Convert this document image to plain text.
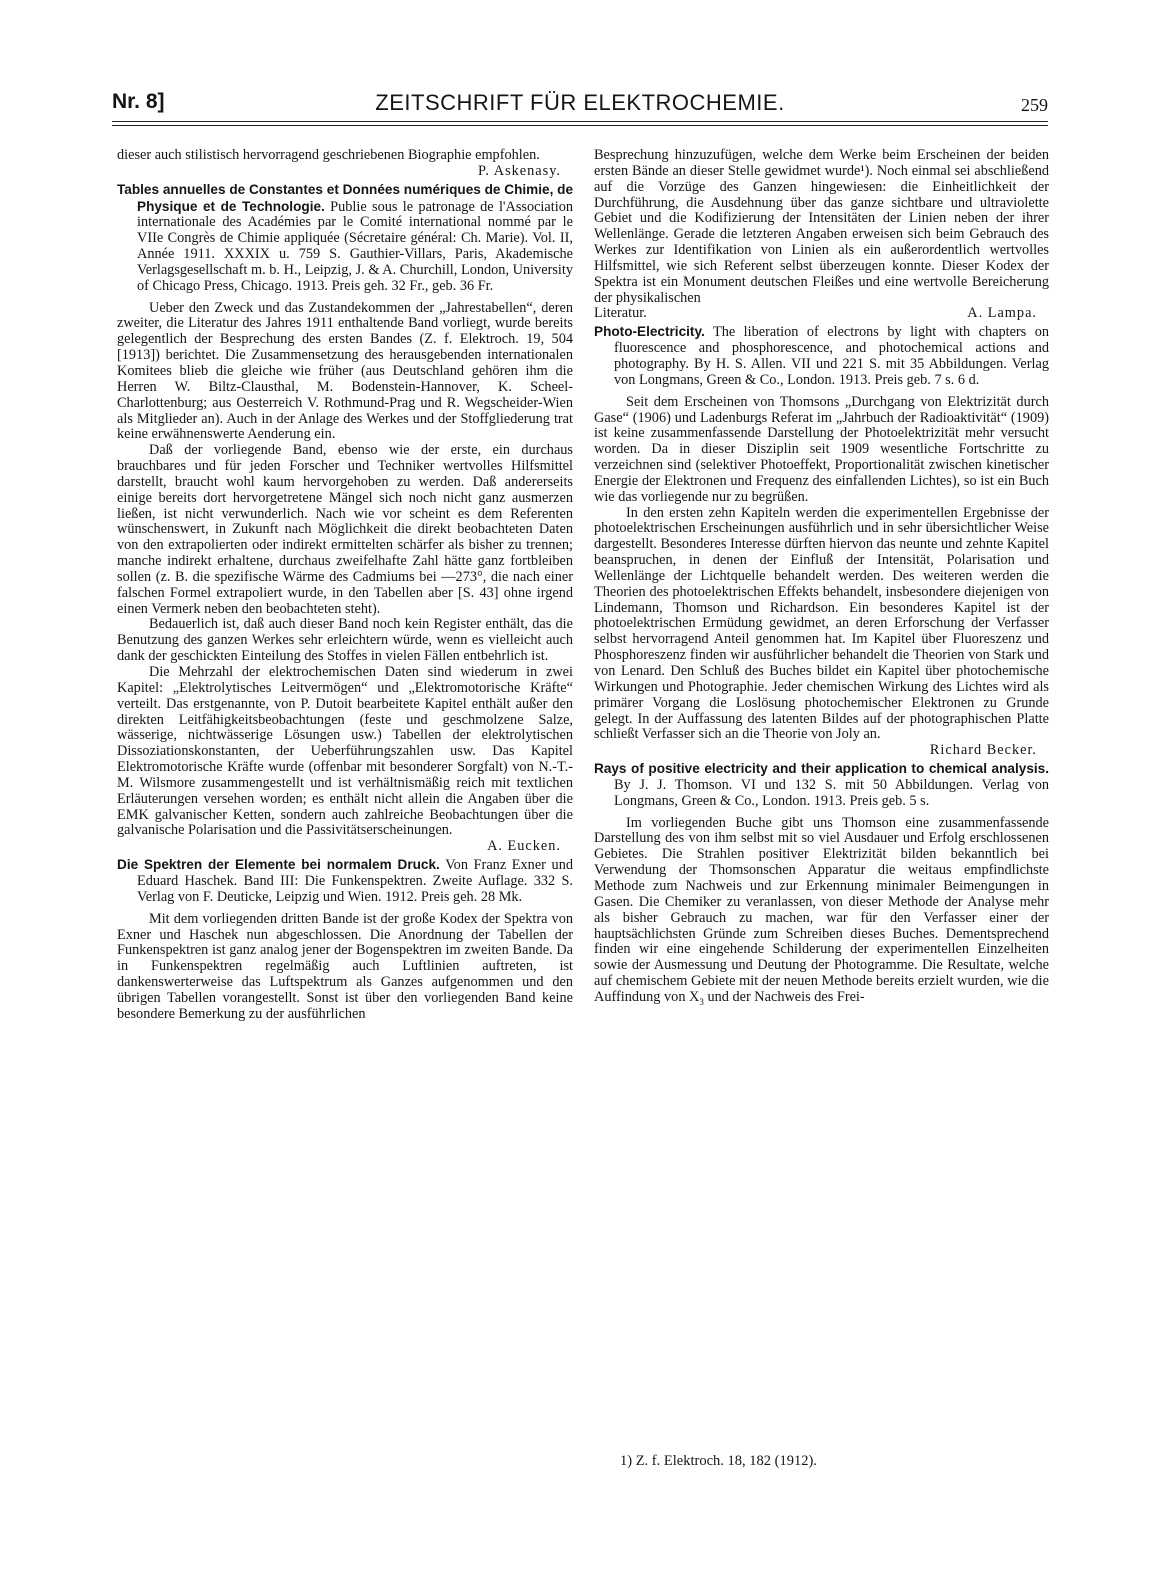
Nr. 8]	ZEITSCHRIFT FÜR ELEKTROCHEMIE.	259

dieser auch stilistisch hervorragend geschriebenen Biographie empfohlen.

P. Askenasy.

Tables annuelles de Constantes et Données numériques de Chimie, de Physique et de Technologie. Publie sous le patronage de l'Association internationale des Académies par le Comité international nommé par le VIIe Congrès de Chimie appliquée (Sécretaire général: Ch. Marie). Vol. II, Année 1911. XXXIX u. 759 S. Gauthier-Villars, Paris, Akademische Verlagsgesellschaft m. b. H., Leipzig, J. & A. Churchill, London, University of Chicago Press, Chicago. 1913. Preis geh. 32 Fr., geb. 36 Fr.

Ueber den Zweck und das Zustandekommen der „Jahrestabellen“, deren zweiter, die Literatur des Jahres 1911 enthaltende Band vorliegt, wurde bereits gelegentlich der Besprechung des ersten Bandes (Z. f. Elektroch. 19, 504 [1913]) berichtet. Die Zusammensetzung des herausgebenden internationalen Komitees blieb die gleiche wie früher (aus Deutschland gehören ihm die Herren W. Biltz-Clausthal, M. Bodenstein-Hannover, K. Scheel-Charlottenburg; aus Oesterreich V. Rothmund-Prag und R. Wegscheider-Wien als Mitglieder an). Auch in der Anlage des Werkes und der Stoffgliederung trat keine erwähnenswerte Aenderung ein.

Daß der vorliegende Band, ebenso wie der erste, ein durchaus brauchbares und für jeden Forscher und Techniker wertvolles Hilfsmittel darstellt, braucht wohl kaum hervorgehoben zu werden. Daß andererseits einige bereits dort hervorgetretene Mängel sich noch nicht ganz ausmerzen ließen, ist nicht verwunderlich. Nach wie vor scheint es dem Referenten wünschenswert, in Zukunft nach Möglichkeit die direkt beobachteten Daten von den extrapolierten oder indirekt ermittelten schärfer als bisher zu trennen; manche indirekt erhaltene, durchaus zweifelhafte Zahl hätte ganz fortbleiben sollen (z. B. die spezifische Wärme des Cadmiums bei —273°, die nach einer falschen Formel extrapoliert wurde, in den Tabellen aber [S. 43] ohne irgend einen Vermerk neben den beobachteten steht).

Bedauerlich ist, daß auch dieser Band noch kein Register enthält, das die Benutzung des ganzen Werkes sehr erleichtern würde, wenn es vielleicht auch dank der geschickten Einteilung des Stoffes in vielen Fällen entbehrlich ist.

Die Mehrzahl der elektrochemischen Daten sind wiederum in zwei Kapitel: „Elektrolytisches Leitvermögen“ und „Elektromotorische Kräfte“ verteilt. Das erstgenannte, von P. Dutoit bearbeitete Kapitel enthält außer den direkten Leitfähigkeitsbeobachtungen (feste und geschmolzene Salze, wässerige, nichtwässerige Lösungen usw.) Tabellen der elektrolytischen Dissoziationskonstanten, der Ueberführungszahlen usw. Das Kapitel Elektromotorische Kräfte wurde (offenbar mit besonderer Sorgfalt) von N.-T.-M. Wilsmore zusammengestellt und ist verhältnismäßig reich mit textlichen Erläuterungen versehen worden; es enthält nicht allein die Angaben über die EMK galvanischer Ketten, sondern auch zahlreiche Beobachtungen über die galvanische Polarisation und die Passivitätserscheinungen.

A. Eucken.

Die Spektren der Elemente bei normalem Druck. Von Franz Exner und Eduard Haschek. Band III: Die Funkenspektren. Zweite Auflage. 332 S. Verlag von F. Deuticke, Leipzig und Wien. 1912. Preis geh. 28 Mk.

Mit dem vorliegenden dritten Bande ist der große Kodex der Spektra von Exner und Haschek nun abgeschlossen. Die Anordnung der Tabellen der Funkenspektren ist ganz analog jener der Bogenspektren im zweiten Bande. Da in Funkenspektren regelmäßig auch Luftlinien auftreten, ist dankenswerterweise das Luftspektrum als Ganzes aufgenommen und den übrigen Tabellen vorangestellt. Sonst ist über den vorliegenden Band keine besondere Bemerkung zu der ausführlichen

Besprechung hinzuzufügen, welche dem Werke beim Erscheinen der beiden ersten Bände an dieser Stelle gewidmet wurde¹). Noch einmal sei abschließend auf die Vorzüge des Ganzen hingewiesen: die Einheitlichkeit der Durchführung, die Ausdehnung über das ganze sichtbare und ultraviolette Gebiet und die Kodifizierung der Intensitäten der Linien neben der ihrer Wellenlänge. Gerade die letzteren Angaben erweisen sich beim Gebrauch des Werkes zur Identifikation von Linien als ein außerordentlich wertvolles Hilfsmittel, wie sich Referent selbst überzeugen konnte. Dieser Kodex der Spektra ist ein Monument deutschen Fleißes und eine wertvolle Bereicherung der physikalischen

Literatur.	A. Lampa.

Photo-Electricity. The liberation of electrons by light with chapters on fluorescence and phosphorescence, and photochemical actions and photography. By H. S. Allen. VII und 221 S. mit 35 Abbildungen. Verlag von Longmans, Green & Co., London. 1913. Preis geb. 7 s. 6 d.

Seit dem Erscheinen von Thomsons „Durchgang von Elektrizität durch Gase“ (1906) und Ladenburgs Referat im „Jahrbuch der Radioaktivität“ (1909) ist keine zusammenfassende Darstellung der Photoelektrizität mehr versucht worden. Da in dieser Disziplin seit 1909 wesentliche Fortschritte zu verzeichnen sind (selektiver Photoeffekt, Proportionalität zwischen kinetischer Energie der Elektronen und Frequenz des einfallenden Lichtes), so ist ein Buch wie das vorliegende nur zu begrüßen.

In den ersten zehn Kapiteln werden die experimentellen Ergebnisse der photoelektrischen Erscheinungen ausführlich und in sehr übersichtlicher Weise dargestellt. Besonderes Interesse dürften hiervon das neunte und zehnte Kapitel beanspruchen, in denen der Einfluß der Intensität, Polarisation und Wellenlänge der Lichtquelle behandelt werden. Des weiteren werden die Theorien des photoelektrischen Effekts behandelt, insbesondere diejenigen von Lindemann, Thomson und Richardson. Ein besonderes Kapitel ist der photoelektrischen Ermüdung gewidmet, an deren Erforschung der Verfasser selbst hervorragend Anteil genommen hat. Im Kapitel über Fluoreszenz und Phosphoreszenz finden wir ausführlicher behandelt die Theorien von Stark und von Lenard. Den Schluß des Buches bildet ein Kapitel über photochemische Wirkungen und Photographie. Jeder chemischen Wirkung des Lichtes wird als primärer Vorgang die Loslösung photochemischer Elektronen zu Grunde gelegt. In der Auffassung des latenten Bildes auf der photographischen Platte schließt Verfasser sich an die Theorie von Joly an.

Richard Becker.

Rays of positive electricity and their application to chemical analysis. By J. J. Thomson. VI und 132 S. mit 50 Abbildungen. Verlag von Longmans, Green & Co., London. 1913. Preis geb. 5 s.

Im vorliegenden Buche gibt uns Thomson eine zusammenfassende Darstellung des von ihm selbst mit so viel Ausdauer und Erfolg erschlossenen Gebietes. Die Strahlen positiver Elektrizität bilden bekanntlich bei Verwendung der Thomsonschen Apparatur die weitaus empfindlichste Methode zum Nachweis und zur Erkennung minimaler Beimengungen in Gasen. Die Chemiker zu veranlassen, von dieser Methode der Analyse mehr als bisher Gebrauch zu machen, war für den Verfasser einer der hauptsächlichsten Gründe zum Schreiben dieses Buches. Dementsprechend finden wir eine eingehende Schilderung der experimentellen Einzelheiten sowie der Ausmessung und Deutung der Photogramme. Die Resultate, welche auf chemischem Gebiete mit der neuen Methode bereits erzielt wurden, wie die Auffindung von $X_3$ und der Nachweis des Frei-

1) Z. f. Elektroch. 18, 182 (1912).
